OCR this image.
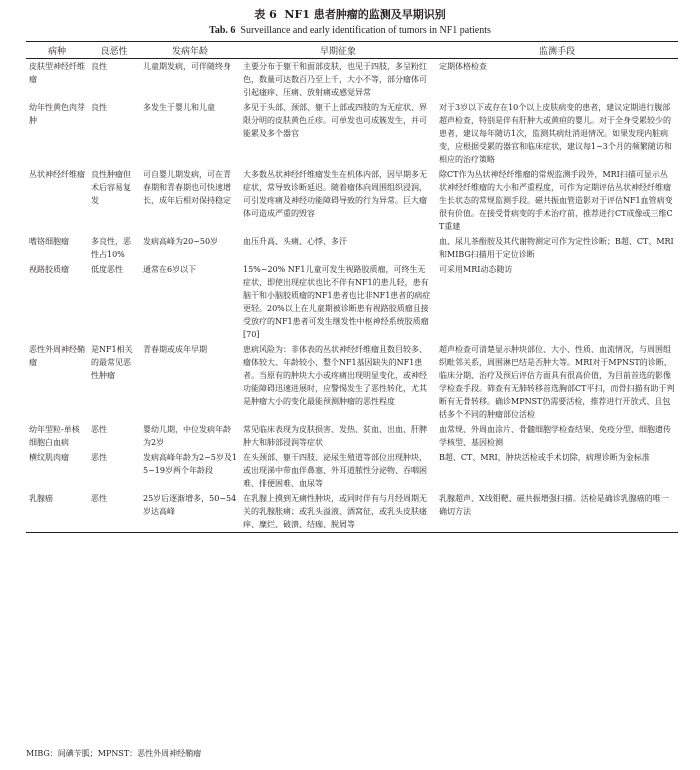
表 6 NF1 患者肿瘤的监测及早期识别
Tab. 6 Surveillance and early identification of tumors in NF1 patients
病种	良恶性	发病年龄	早期征象	监测手段
皮肤型神经纤维瘤	良性	儿童期发病，可伴随终身	主要分布于躯干和面部皮肤，也见于四肢，多呈粉红色，数量可达数百乃至上千，大小不等，部分瘤体可引起瘙痒、压痛、放射痛或感觉异常	定期体格检查
幼年性黄色肉芽肿	良性	多发生于婴儿和儿童	多见于头部、颈部、躯干上部或四肢的为无症状、界限分明的皮肤黄色丘疹。可单发也可成簇发生，并可能累及多个器官	对于3岁以下或存在10个以上皮肤病变的患者，建议定期进行腹部超声检查，特别是伴有肝肿大或黄疸的婴儿。对于全身受累较少的患者，建议每年随访1次，监测其病灶消退情况。如果发现内脏病变，应根据受累的器官和临床症状，建议每1~3个月的频繁随访和相应的治疗策略
丛状神经纤维瘤	良性肿瘤但术后容易复发	可自婴儿期发病，可在青春期和青春期也可快速增长，成年后相对保持稳定	大多数丛状神经纤维瘤发生在机体内部，因早期多无症状，常导致诊断延迟。随着瘤体向周围组织浸润，可引发疼痛及神经功能障碍导致的行为异常。巨大瘤体可造成严重的毁容	除CT作为丛状神经纤维瘤的常规监测手段外，MRI扫描可显示丛状神经纤维瘤的大小和严重程度，可作为定期评估丛状神经纤维瘤生长状态的常规监测手段。磁共振血管造影对于评估NF1血管病变很有价值。在接受骨病变的手术治疗前，推荐进行CT成像或三维CT重建
嗜铬细胞瘤	多良性，恶性占10%	发病高峰为20~50岁	血压升高、头痛、心悸、多汗	血、尿儿茶酚胺及其代谢物测定可作为定性诊断；B超、CT、MRI和MIBG扫描用于定位诊断
视路胶质瘤	低度恶性	通常在6岁以下	15%~20% NF1儿童可发生视路胶质瘤，可终生无症状，即使出现症状也比不伴有NF1的患儿轻，患有脑干和小脑胶质瘤的NF1患者也比非NF1患者的病症更轻。20%以上在儿童期被诊断患有视路胶质瘤且接受放疗的NF1患者可发生继发性中枢神经系统胶质瘤[70]	可采用MRI动态随访
恶性外周神经鞘瘤	是NF1相关的最常见恶性肿瘤	青春期或成年早期	患病风险为：非体表的丛状神经纤维瘤且数目较多、瘤体较大、年龄较小、整个NF1基因缺失的NF1患者。当原有的肿块大小或疼痛出现明显变化，或神经功能障碍迅速进展时，应警惕发生了恶性转化，尤其是肿瘤大小的变化最能预测肿瘤的恶性程度	超声检查可清楚显示肿块部位、大小、性质、血流情况，与周围组织毗邻关系，周围淋巴结是否肿大等。MRI对于MPNST的诊断、临床分期、治疗及预后评估方面具有很高价值，为目前首选的影像学检查手段。筛查有无肺转移首选胸部CT平扫，而骨扫描有助于判断有无骨转移。确诊MPNST仍需要活检，推荐进行开放式、且包括多个不同的肿瘤部位活检
幼年型粒-单核细胞白血病	恶性	婴幼儿期，中位发病年龄为2岁	常见临床表现为皮肤损害、发热、贫血、出血、肝脾肿大和肺部浸润等症状	血常规、外周血涂片、骨髓细胞学检查结果、免疫分型、细胞遗传学核型、基因检测
横纹肌肉瘤	恶性	发病高峰年龄为2~5岁及15~19岁两个年龄段	在头颈部、躯干四肢、泌尿生殖道等部位出现肿块，或出现涕中带血伴鼻塞、外耳道脓性分泌物、吞咽困难、排便困难、血尿等	B超、CT、MRI，肿块活检或手术切除，病理诊断为金标准
乳腺癌	恶性	25岁后逐渐增多，50~54岁达高峰	在乳腺上摸到无痛性肿块，或同时伴有与月经周期无关的乳腺胀痛；或乳头溢液、酒窝征，或乳头皮肤瘙痒、糜烂、破溃、结痂、脱屑等	乳腺超声、X线钼靶、磁共振增强扫描。活检是确诊乳腺癌的唯一确切方法
MIBG：间碘苄胍；MPNST：恶性外周神经鞘瘤
